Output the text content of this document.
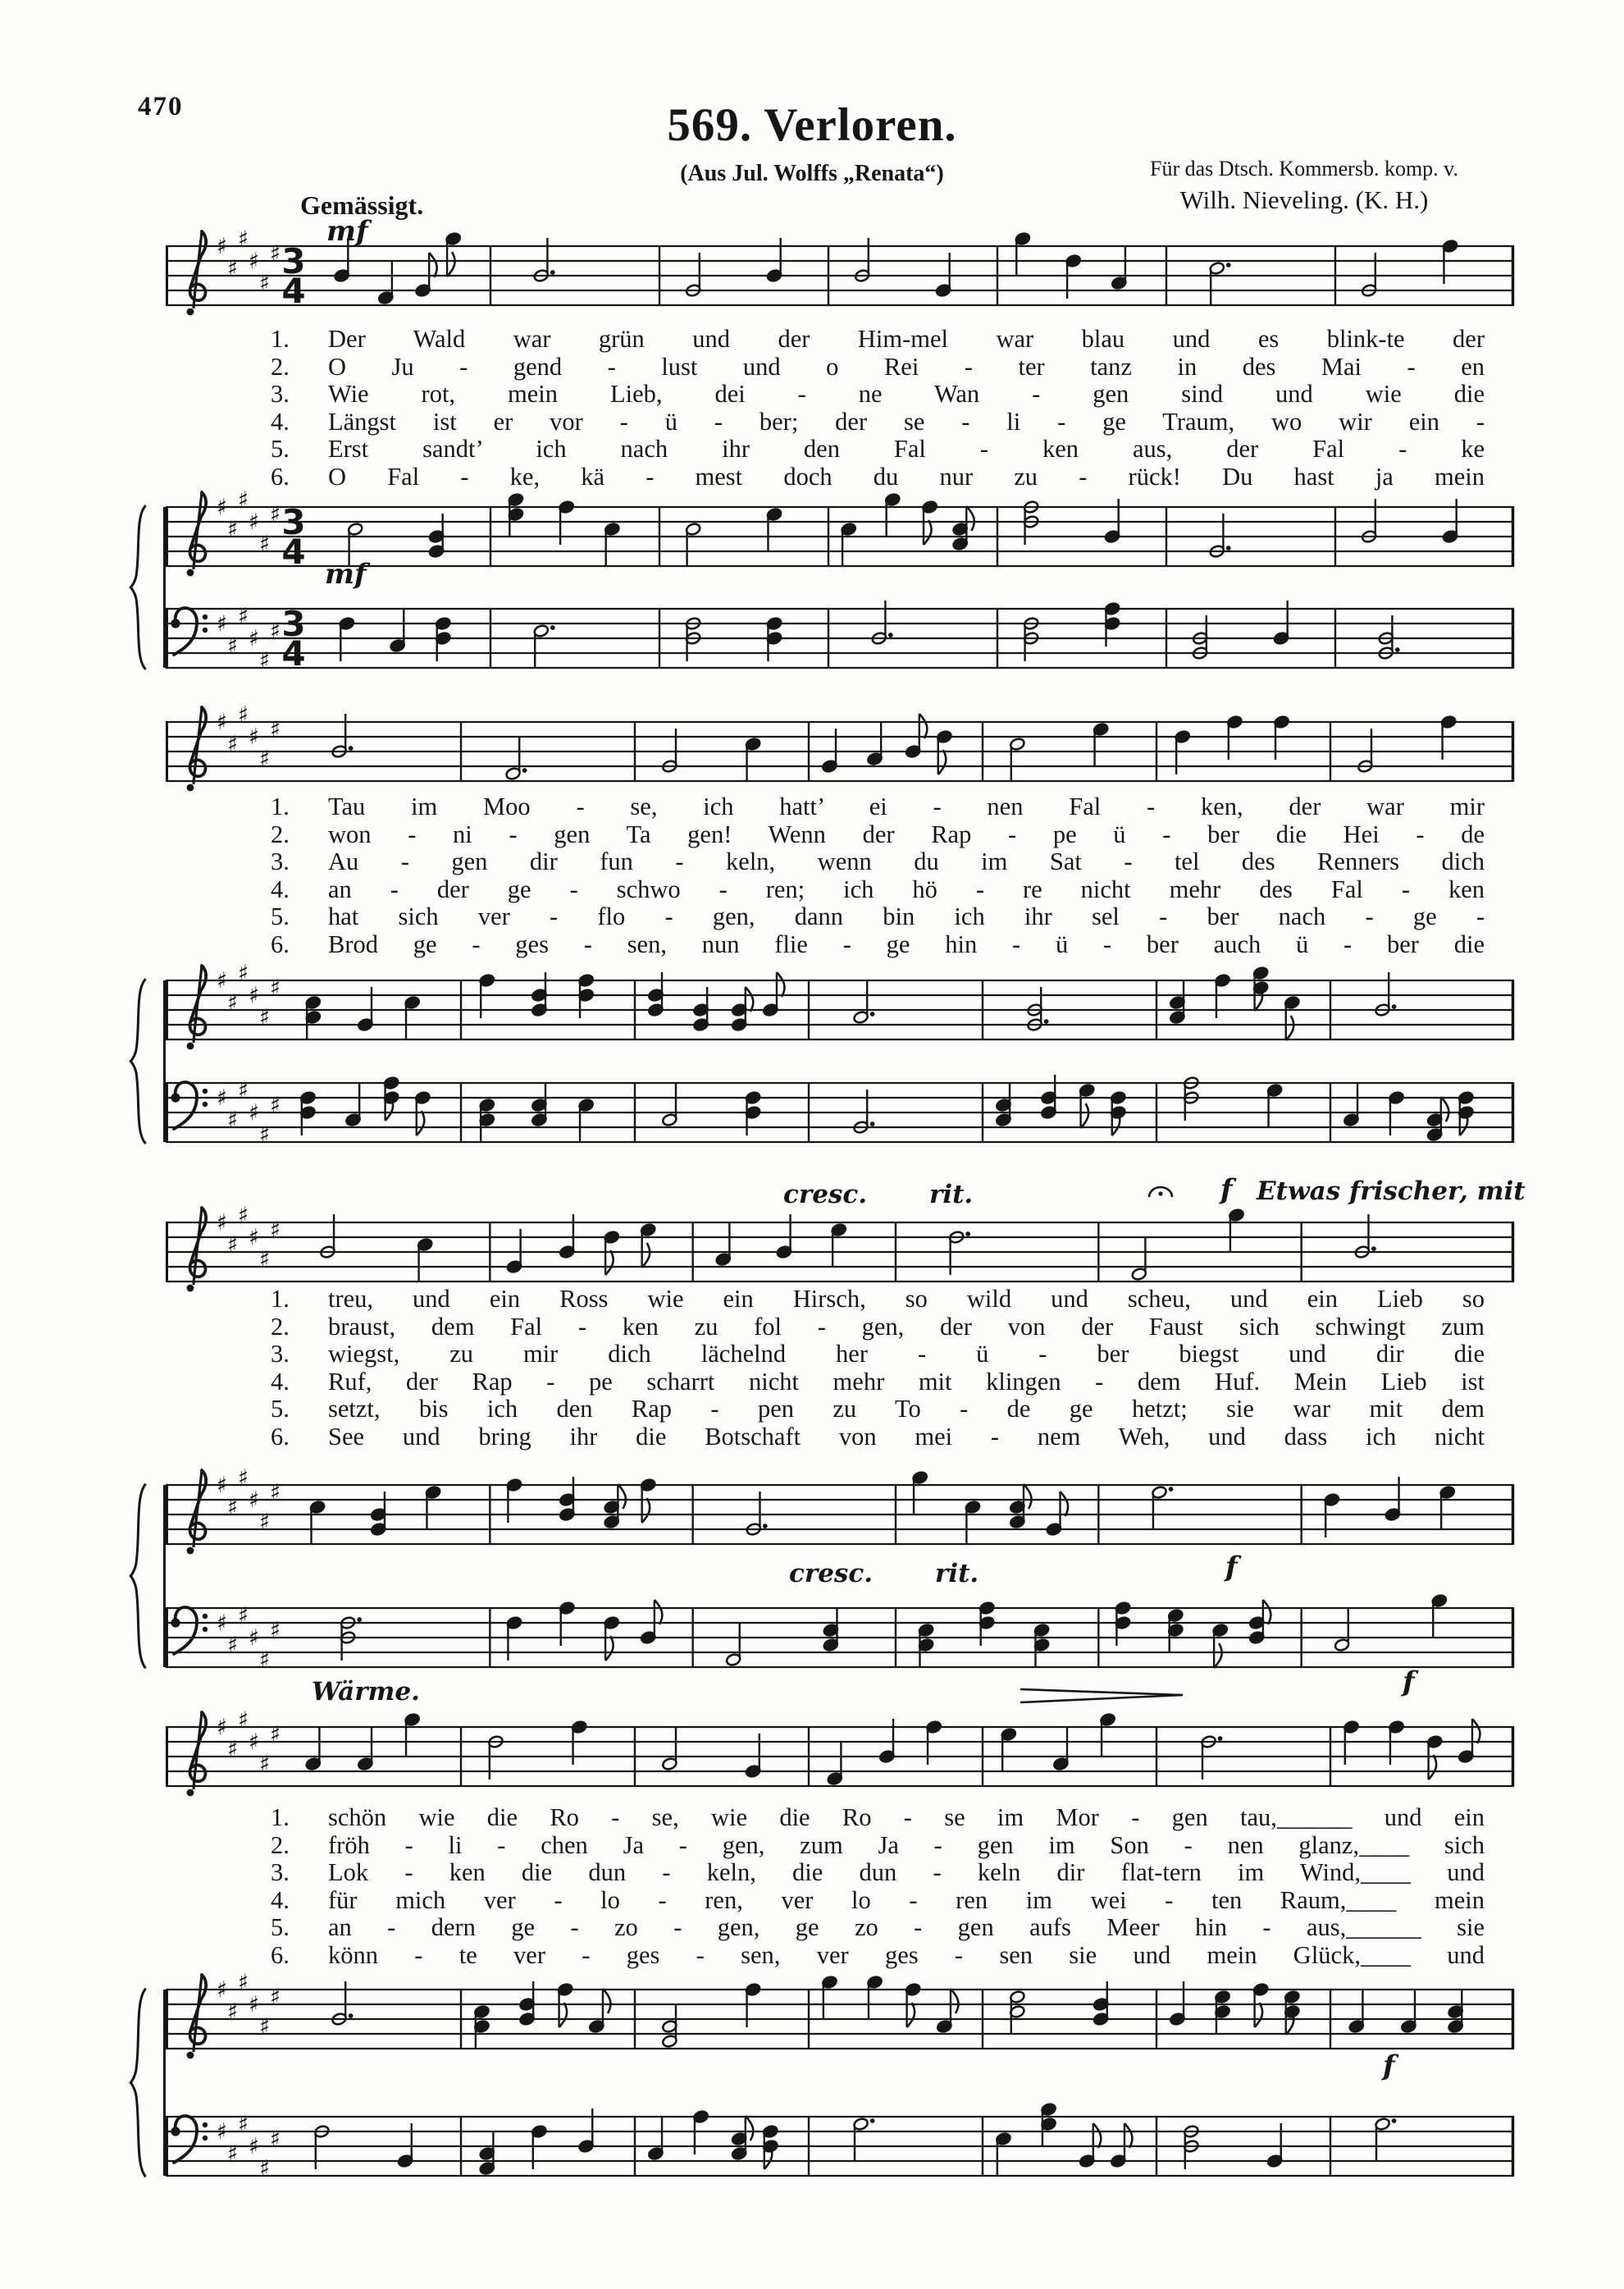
470	569. Verloren.
(Aus Jul. Wolffs „Renata“)	Für das Dtsch. Kommersb. komp. v.
Wilh. Nieveling. (K. H.)
Gemässigt.
mf
♯
♯
♯
♯
♯
♯ 3
4
1.	Der Wald war grün und der Him-mel war blau und es blink-te der
2.	O Ju - gend - lust und o Rei - ter tanz in des Mai - en
3.	Wie rot, mein Lieb, dei - ne Wan - gen sind und wie die
4.	Längst ist er vor - ü - ber; der se - li - ge Traum, wo wir ein -
5.	Erst sandt’ ich nach ihr den Fal - ken aus, der Fal - ke
6.	O Fal - ke, kä - mest doch du nur zu - rück! Du hast ja mein
♯
♯
♯
♯
♯
♯ 3
4
mf
♯
♯
♯
♯
♯
♯ 3
4
♯
♯
♯
♯
♯
♯
1.	Tau im Moo - se, ich hatt’ ei - nen Fal - ken, der war mir
2.	won - ni - gen Ta gen! Wenn der Rap - pe ü - ber die Hei - de
3.	Au - gen dir fun - keln, wenn du im Sat - tel des Renners dich
4.	an - der ge - schwo - ren; ich hö - re nicht mehr des Fal - ken
5.	hat sich ver - flo - gen, dann bin ich ihr sel - ber nach - ge -
6.	Brod ge - ges - sen, nun flie - ge hin - ü - ber auch ü - ber die
♯
♯
♯
♯
♯
♯
♯
♯
♯
♯
♯
♯
cresc. rit.	f Etwas frischer, mit
♯
♯
♯
♯
♯
♯
1.	treu, und ein Ross wie ein Hirsch, so wild und scheu, und ein Lieb so
2.	braust, dem Fal - ken zu fol - gen, der von der Faust sich schwingt zum
3.	wiegst, zu mir dich lächelnd her - ü - ber biegst und dir die
4.	Ruf, der Rap - pe scharrt nicht mehr mit klingen - dem Huf. Mein Lieb ist
5.	setzt, bis ich den Rap - pen zu To - de ge hetzt; sie war mit dem
6.	See und bring ihr die Botschaft von mei - nem Weh, und dass ich nicht
♯
♯
♯
♯
♯
♯
cresc. rit.	f
♯
♯
♯
♯
♯
♯
Wärme.	f
♯
♯
♯
♯
♯
♯
1.	schön wie die Ro - se, wie die Ro - se im Mor - gen tau,______ und ein
2.	fröh - li - chen Ja - gen, zum Ja - gen im Son - nen glanz,____ sich
3.	Lok - ken die dun - keln, die dun - keln dir flat-tern im Wind,____ und
4.	für mich ver - lo - ren, ver lo - ren im wei - ten Raum,____ mein
5.	an - dern ge - zo - gen, ge zo - gen aufs Meer hin - aus,______ sie
6.	könn - te ver - ges - sen, ver ges - sen sie und mein Glück,____ und
♯
♯
♯
♯
♯
♯
f
♯
♯
♯
♯
♯
♯
